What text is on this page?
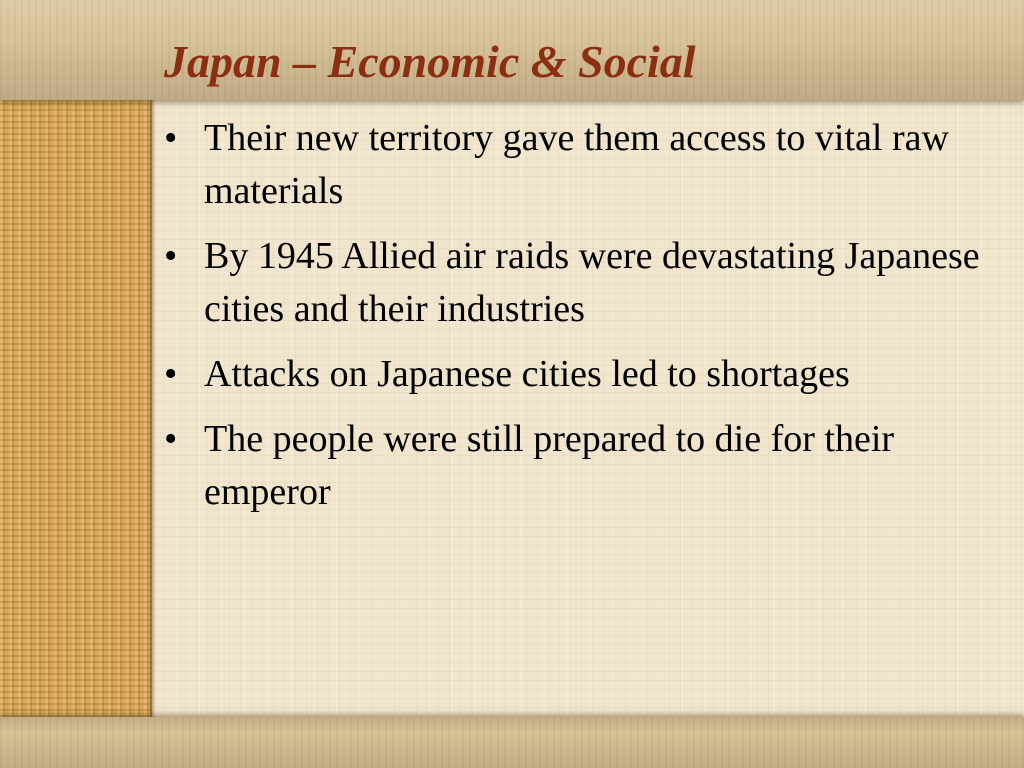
Japan – Economic & Social
• Their new territory gave them access to vital raw materials
• By 1945 Allied air raids were devastating Japanese cities and their industries
• Attacks on Japanese cities led to shortages
• The people were still prepared to die for their emperor
